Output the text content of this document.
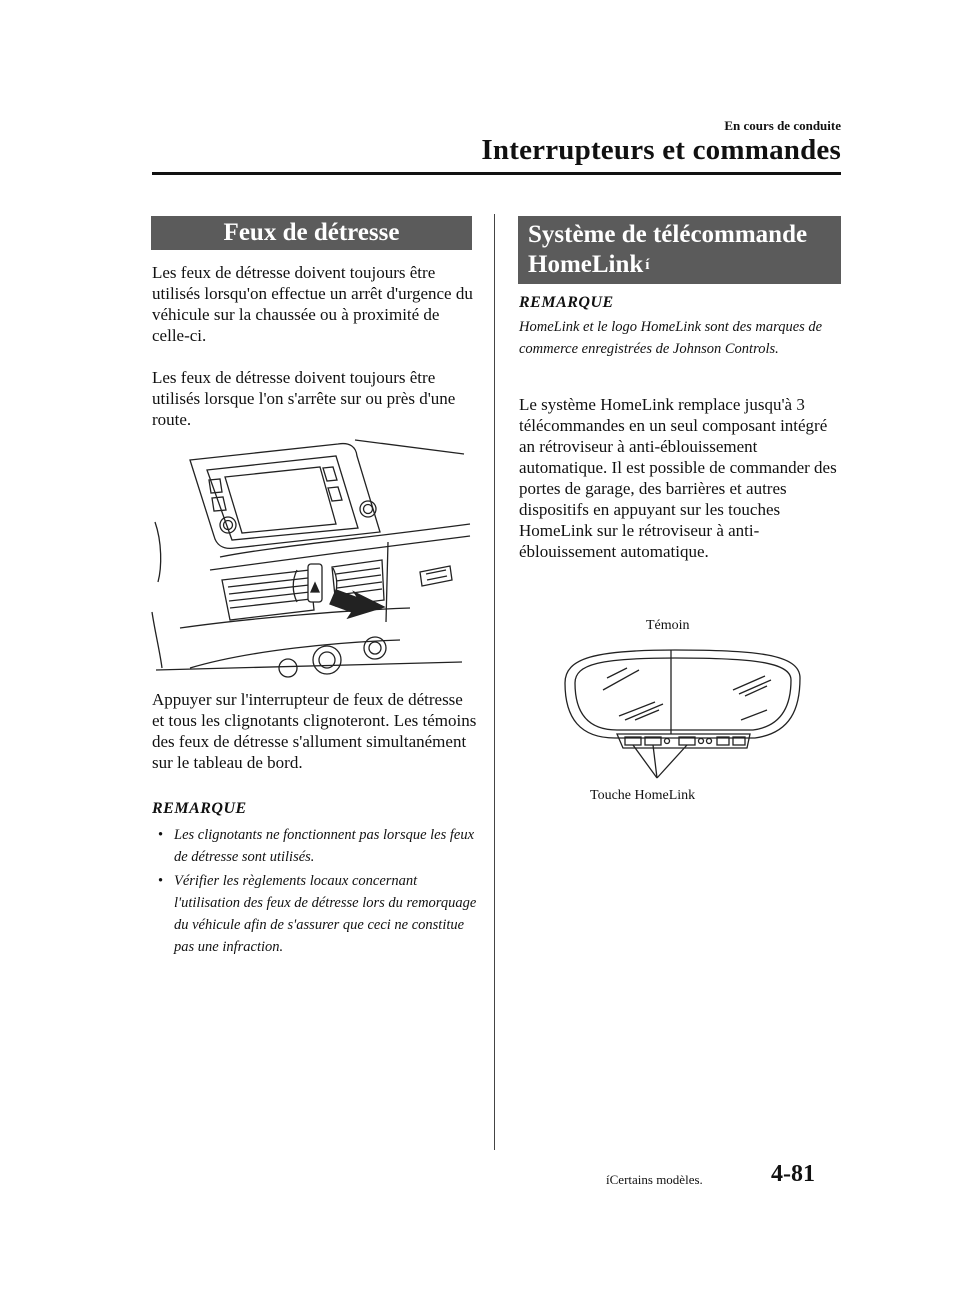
En cours de conduite
Interrupteurs et commandes
Feux de détresse
Les feux de détresse doivent toujours être utilisés lorsqu'on effectue un arrêt d'urgence du véhicule sur la chaussée ou à proximité de celle-ci.
Les feux de détresse doivent toujours être utilisés lorsque l'on s'arrête sur ou près d'une route.
Appuyer sur l'interrupteur de feux de détresse et tous les clignotants clignoteront. Les témoins des feux de détresse s'allument simultanément sur le tableau de bord.
REMARQUE
• Les clignotants ne fonctionnent pas lorsque les feux de détresse sont utilisés.
• Vérifier les règlements locaux concernant l'utilisation des feux de détresse lors du remorquage du véhicule afin de s'assurer que ceci ne constitue pas une infraction.
Système de télécommande
HomeLink $^í$
REMARQUE
HomeLink et le logo HomeLink sont des marques de commerce enregistrées de Johnson Controls.
Le système HomeLink remplace jusqu'à 3 télécommandes en un seul composant intégré an rétroviseur à anti-éblouissement automatique. Il est possible de commander des portes de garage, des barrières et autres dispositifs en appuyant sur les touches HomeLink sur le rétroviseur à anti-éblouissement automatique.
Témoin
Touche HomeLink
íCertains modèles.	4-81
